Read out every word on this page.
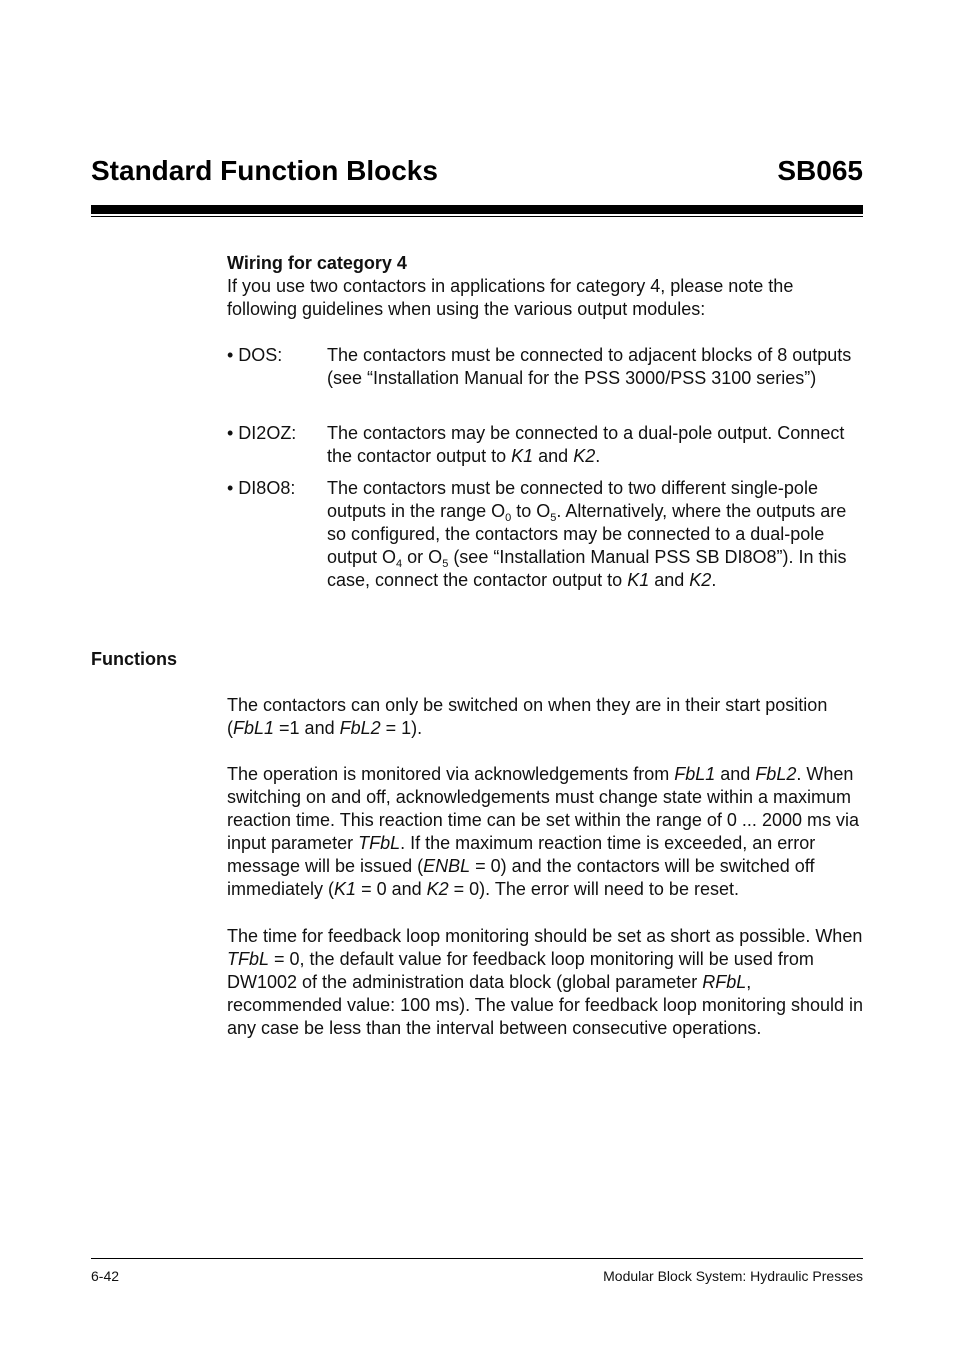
Standard Function Blocks	SB065
Wiring for category 4
If you use two contactors in applications for category 4, please note the following guidelines when using the various output modules:
• DOS: The contactors must be connected to adjacent blocks of 8 outputs (see “Installation Manual for the PSS 3000/PSS 3100 series”)
• DI2OZ: The contactors may be connected to a dual-pole output. Connect the contactor output to K1 and K2.
• DI8O8: The contactors must be connected to two different single-pole outputs in the range $O_0$ to $O_5$. Alternatively, where the outputs are so configured, the contactors may be connected to a dual-pole output $O_4$ or $O_5$ (see “Installation Manual PSS SB DI8O8”). In this case, connect the contactor output to K1 and K2.
Functions
The contactors can only be switched on when they are in their start position (FbL1 =1 and FbL2 = 1).
The operation is monitored via acknowledgements from FbL1 and FbL2. When switching on and off, acknowledgements must change state within a maximum reaction time. This reaction time can be set within the range of 0 ... 2000 ms via input parameter TFbL. If the maximum reaction time is exceeded, an error message will be issued (ENBL = 0) and the contactors will be switched off immediately (K1 = 0 and K2 = 0). The error will need to be reset.
The time for feedback loop monitoring should be set as short as possible. When TFbL = 0, the default value for feedback loop monitoring will be used from DW1002 of the administration data block (global parameter RFbL, recommended value: 100 ms). The value for feedback loop monitoring should in any case be less than the interval between consecutive operations.
6-42	Modular Block System: Hydraulic Presses
